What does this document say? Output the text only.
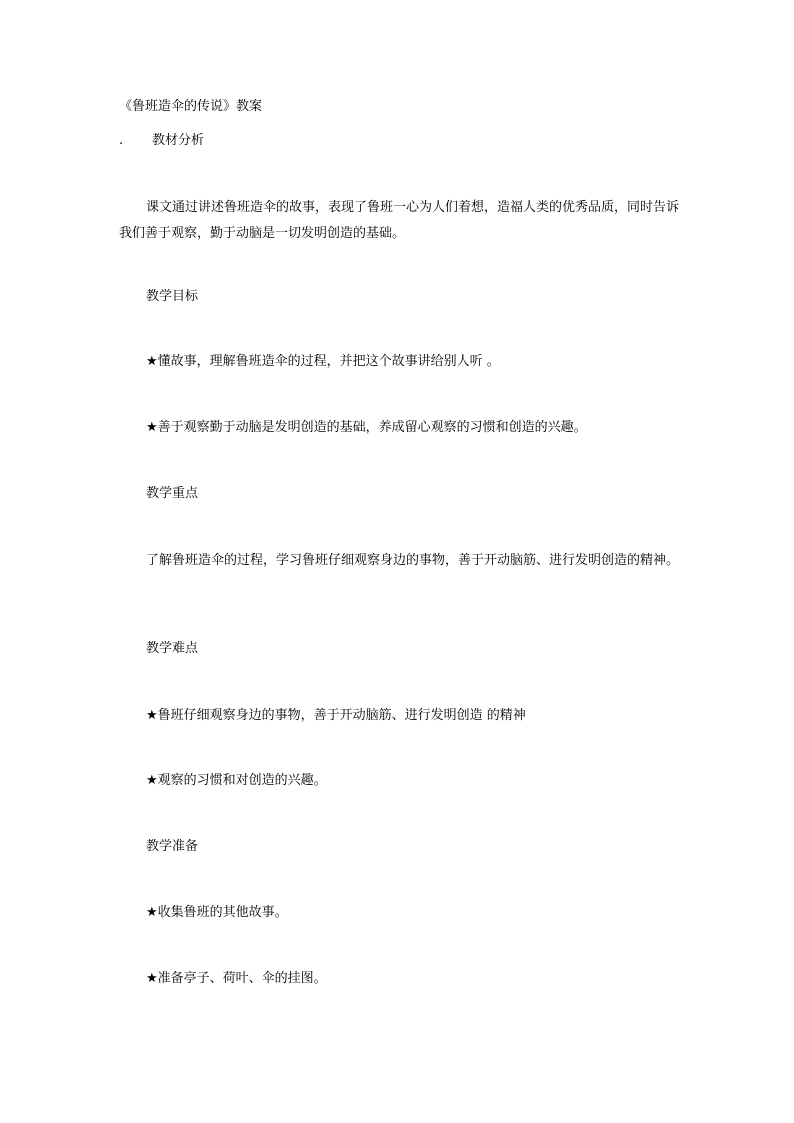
《鲁班造伞的传说》教案
. 教材分析
课文通过讲述鲁班造伞的故事，表现了鲁班一心为人们着想，造福人类的优秀品质，同时告诉我们善于观察，勤于动脑是一切发明创造的基础。
教学目标
★懂故事，理解鲁班造伞的过程，并把这个故事讲给别人听 。
★善于观察勤于动脑是发明创造的基础，养成留心观察的习惯和创造的兴趣。
教学重点
了解鲁班造伞的过程，学习鲁班仔细观察身边的事物，善于开动脑筋、进行发明创造的精神。
教学难点
★鲁班仔细观察身边的事物，善于开动脑筋、进行发明创造 的精神
★观察的习惯和对创造的兴趣。
教学准备
★收集鲁班的其他故事。
★准备亭子、荷叶、伞的挂图。
